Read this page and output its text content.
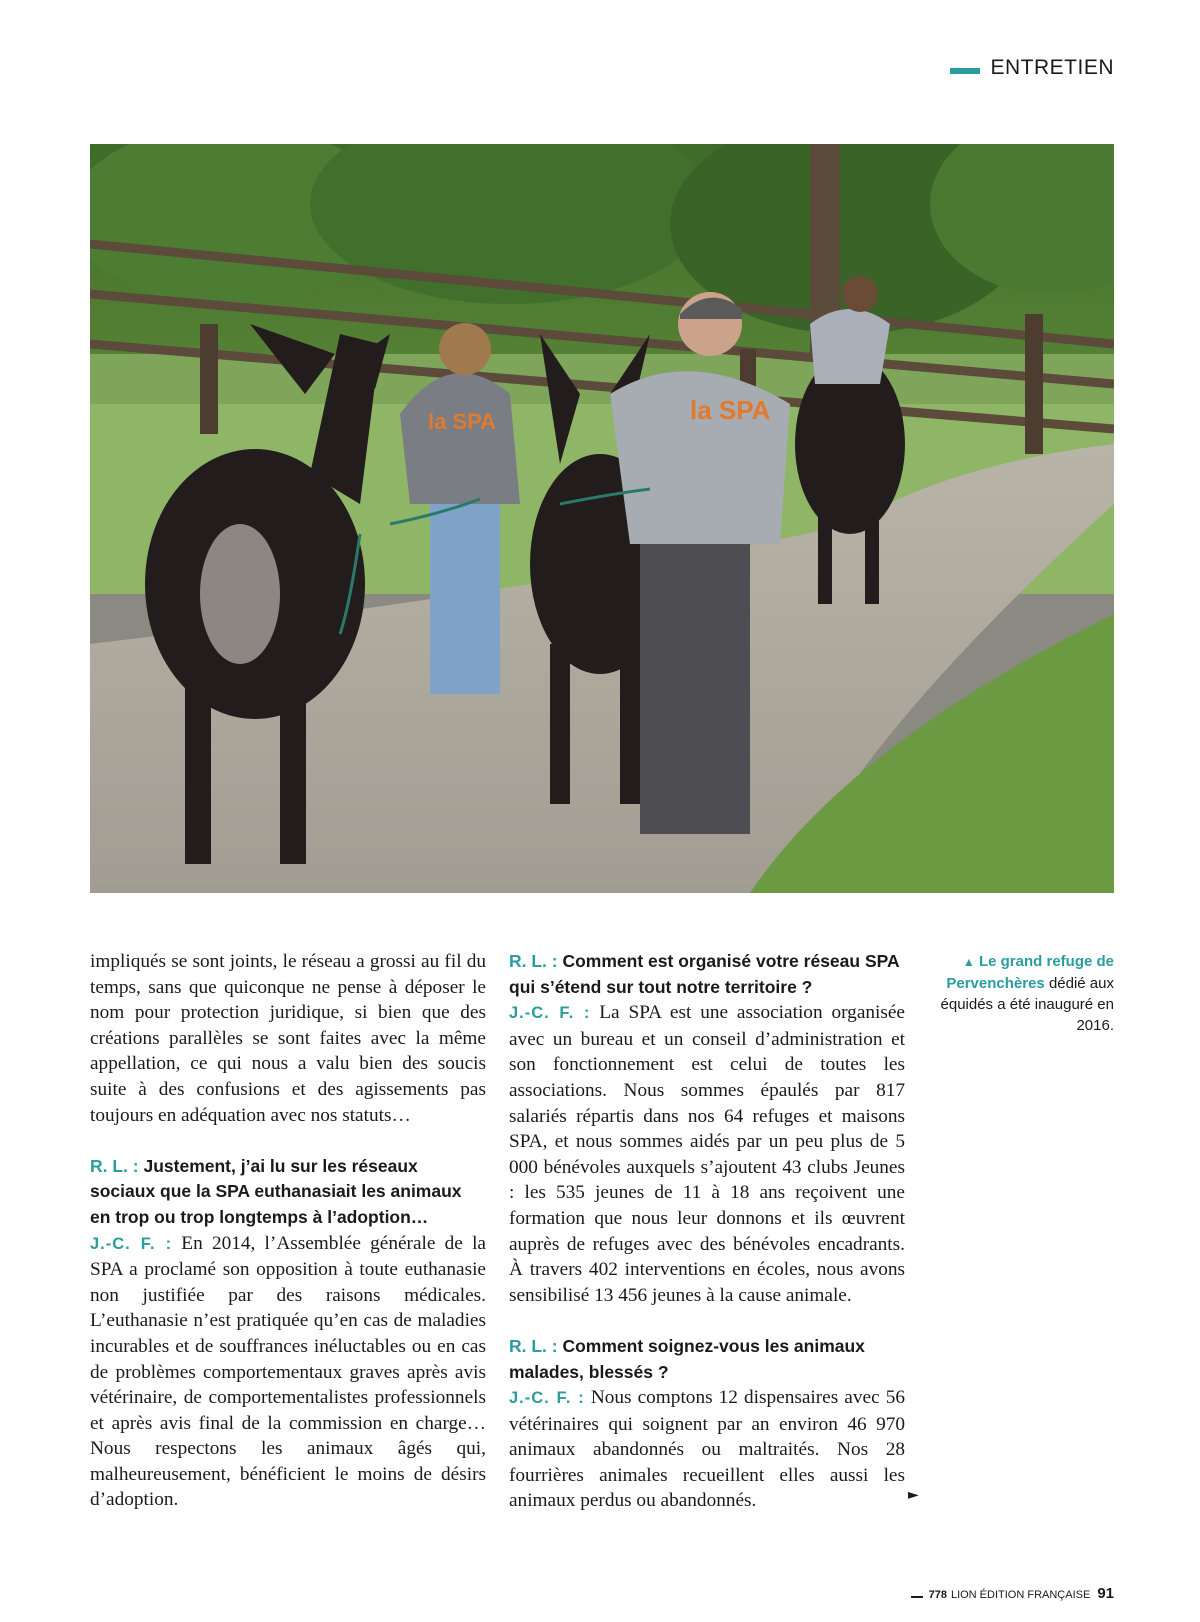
ENTRETIEN
la SPA	la SPA

impliqués se sont joints, le réseau a grossi au fil du temps, sans que quiconque ne pense à déposer le nom pour protection juridique, si bien que des créations parallèles se sont faites avec la même appellation, ce qui nous a valu bien des soucis suite à des confusions et des agissements pas toujours en adéquation avec nos statuts…

R. L. : Justement, j’ai lu sur les réseaux sociaux que la SPA euthanasiait les animaux en trop ou trop longtemps à l’adoption…

J.-C. F. : En 2014, l’Assemblée générale de la SPA a proclamé son opposition à toute euthanasie non justifiée par des raisons médicales. L’euthanasie n’est pratiquée qu’en cas de maladies incurables et de souffrances inéluctables ou en cas de problèmes comportementaux graves après avis vétérinaire, de comportementalistes professionnels et après avis final de la commission en charge… Nous respectons les animaux âgés qui, malheureusement, bénéficient le moins de désirs d’adoption.

R. L. : Comment est organisé votre réseau SPA qui s’étend sur tout notre territoire ?

J.-C. F. : La SPA est une association organisée avec un bureau et un conseil d’administration et son fonctionnement est celui de toutes les associations. Nous sommes épaulés par 817 salariés répartis dans nos 64 refuges et maisons SPA, et nous sommes aidés par un peu plus de 5 000 bénévoles auxquels s’ajoutent 43 clubs Jeunes : les 535 jeunes de 11 à 18 ans reçoivent une formation que nous leur donnons et ils œuvrent auprès de refuges avec des bénévoles encadrants. À travers 402 interventions en écoles, nous avons sensibilisé 13 456 jeunes à la cause animale.

R. L. : Comment soignez-vous les animaux malades, blessés ?

J.-C. F. : Nous comptons 12 dispensaires avec 56 vétérinaires qui soignent par an environ 46 970 animaux abandonnés ou maltraités. Nos 28 fourrières animales recueillent elles aussi les animaux perdus ou abandonnés.	►
▲ Le grand refuge de Pervenchères dédié aux équidés a été inauguré en 2016.
778 LION ÉDITION FRANÇAISE 91
